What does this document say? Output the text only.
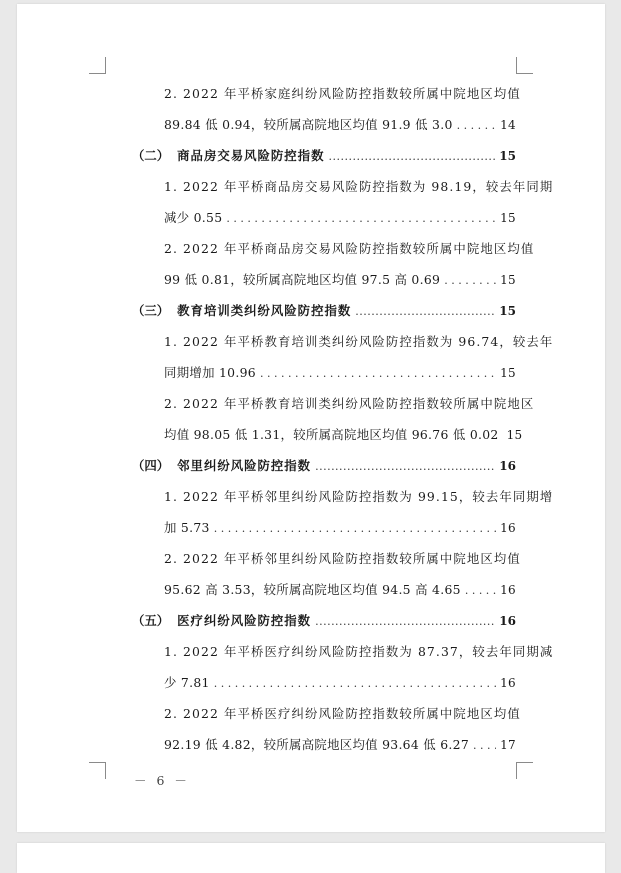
2. 2022 年平桥家庭纠纷风险防控指数较所属中院地区均值
89.84 低 0.94，较所属高院地区均值 91.9 低 3.0 . . .	14
（二） 商品房交易风险防控指数 .....	15
1. 2022 年平桥商品房交易风险防控指数为 98.19，较去年同期
减少 0.55 . . .	15
2. 2022 年平桥商品房交易风险防控指数较所属中院地区均值
99 低 0.81，较所属高院地区均值 97.5 高 0.69 . . .	15
（三） 教育培训类纠纷风险防控指数 .....	15
1. 2022 年平桥教育培训类纠纷风险防控指数为 96.74，较去年
同期增加 10.96 . . .	15
2. 2022 年平桥教育培训类纠纷风险防控指数较所属中院地区
均值 98.05 低 1.31，较所属高院地区均值 96.76 低 0.02 15
（四） 邻里纠纷风险防控指数 .....	16
1. 2022 年平桥邻里纠纷风险防控指数为 99.15，较去年同期增
加 5.73 . . .	16
2. 2022 年平桥邻里纠纷风险防控指数较所属中院地区均值
95.62 高 3.53，较所属高院地区均值 94.5 高 4.65 . . .	16
（五） 医疗纠纷风险防控指数 .....	16
1. 2022 年平桥医疗纠纷风险防控指数为 87.37，较去年同期减
少 7.81 . . .	16
2. 2022 年平桥医疗纠纷风险防控指数较所属中院地区均值
92.19 低 4.82，较所属高院地区均值 93.64 低 6.27 . . .	17
－ 6 －
